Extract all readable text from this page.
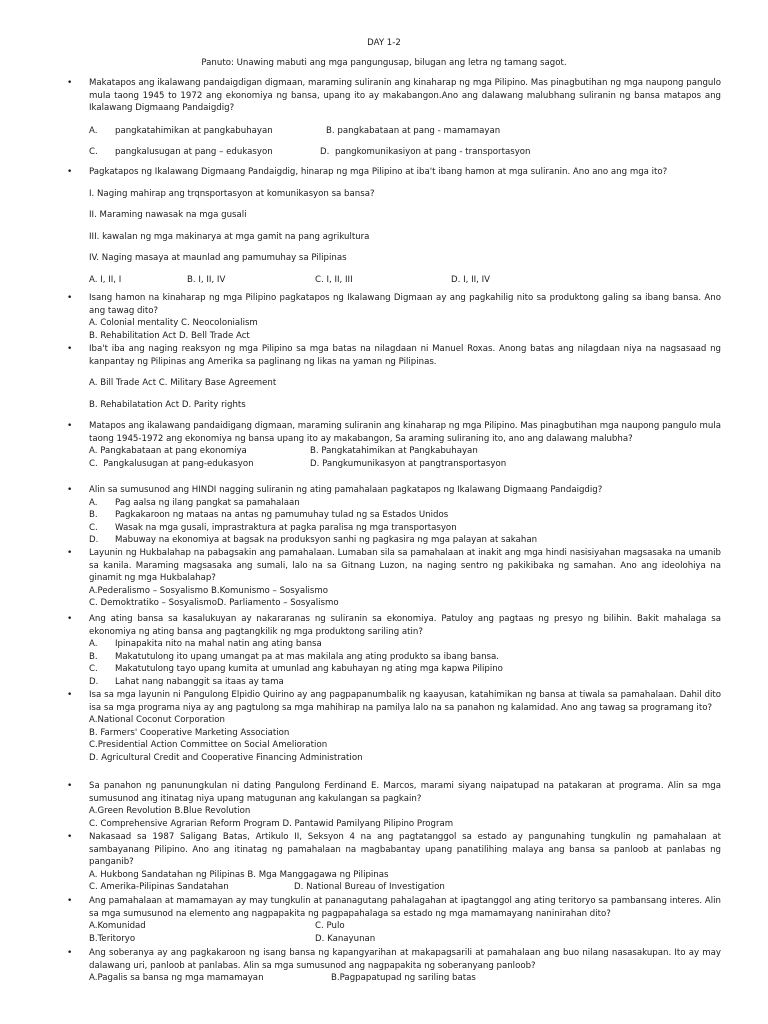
DAY 1-2
Panuto: Unawing mabuti ang mga pangungusap, bilugan ang letra ng tamang sagot.
• Makatapos ang ikalawang pandaigdigan digmaan, maraming suliranin ang kinaharap ng mga Pilipino. Mas pinagbutihan ng mga naupong pangulo mula taong 1945 to 1972 ang ekonomiya ng bansa, upang ito ay makabangon.Ano ang dalawang malubhang suliranin ng bansa matapos ang Ikalawang Digmaang Pandaigdig?
A. pangkatahimikan at pangkabuhayan	B. pangkabataan at pang - mamamayan
C. pangkalusugan at pang – edukasyon	D. pangkomunikasiyon at pang - transportasyon
• Pagkatapos ng Ikalawang Digmaang Pandaigdig, hinarap ng mga Pilipino at iba't ibang hamon at mga suliranin. Ano ano ang mga ito?
I. Naging mahirap ang trqnsportasyon at komunikasyon sa bansa?
II. Maraming nawasak na mga gusali
III. kawalan ng mga makinarya at mga gamit na pang agrikultura
IV. Naging masaya at maunlad ang pamumuhay sa Pilipinas
A. I, II, I	B. I, II, IV	C. I, II, III	D. I, II, IV
• Isang hamon na kinaharap ng mga Pilipino pagkatapos ng Ikalawang Digmaan ay ang pagkahilig nito sa produktong galing sa ibang bansa. Ano ang tawag dito?
A. Colonial mentality C. Neocolonialism
B. Rehabilitation Act D. Bell Trade Act
• Iba't iba ang naging reaksyon ng mga Pilipino sa mga batas na nilagdaan ni Manuel Roxas. Anong batas ang nilagdaan niya na nagsasaad ng kanpantay ng Pilipinas ang Amerika sa paglinang ng likas na yaman ng Pilipinas.
A. Bill Trade Act C. Military Base Agreement
B. Rehabilatation Act D. Parity rights
• Matapos ang ikalawang pandaidigang digmaan, maraming suliranin ang kinaharap ng mga Pilipino. Mas pinagbutihan mga naupong pangulo mula taong 1945-1972 ang ekonomiya ng bansa upang ito ay makabangon, Sa araming suliraning ito, ano ang dalawang malubha?
A. Pangkabataan at pang ekonomiya	B. Pangkatahimikan at Pangkabuhayan
C. Pangkalusugan at pang-edukasyon	D. Pangkumunikasyon at pangtransportasyon
• Alin sa sumusunod ang HINDI nagging suliranin ng ating pamahalaan pagkatapos ng Ikalawang Digmaang Pandaigdig?
A. Pag aalsa ng ilang pangkat sa pamahalaan
B. Pagkakaroon ng mataas na antas ng pamumuhay tulad ng sa Estados Unidos
C. Wasak na mga gusali, imprastraktura at pagka paralisa ng mga transportasyon
D. Mabuway na ekonomiya at bagsak na produksyon sanhi ng pagkasira ng mga palayan at sakahan
• Layunin ng Hukbalahap na pabagsakin ang pamahalaan. Lumaban sila sa pamahalaan at inakit ang mga hindi nasisiyahan magsasaka na umanib sa kanila. Maraming magsasaka ang sumali, lalo na sa Gitnang Luzon, na naging sentro ng pakikibaka ng samahan. Ano ang ideolohiya na ginamit ng mga Hukbalahap?
A.Pederalismo – Sosyalismo B.Komunismo – Sosyalismo
C. Demoktratiko – SosyalismoD. Parliamento – Sosyalismo
• Ang ating bansa sa kasalukuyan ay nakararanas ng suliranin sa ekonomiya. Patuloy ang pagtaas ng presyo ng bilihin. Bakit mahalaga sa ekonomiya ng ating bansa ang pagtangkilik ng mga produktong sariling atin?
A. Ipinapakita nito na mahal natin ang ating bansa
B. Makatutulong ito upang umangat pa at mas makilala ang ating produkto sa ibang bansa.
C. Makatutulong tayo upang kumita at umunlad ang kabuhayan ng ating mga kapwa Pilipino
D. Lahat nang nabanggit sa itaas ay tama
• Isa sa mga layunin ni Pangulong Elpidio Quirino ay ang pagpapanumbalik ng kaayusan, katahimikan ng bansa at tiwala sa pamahalaan. Dahil dito isa sa mga programa niya ay ang pagtulong sa mga mahihirap na pamilya lalo na sa panahon ng kalamidad. Ano ang tawag sa programang ito?
A.National Coconut Corporation
B. Farmers' Cooperative Marketing Association
C.Presidential Action Committee on Social Amelioration
D. Agricultural Credit and Cooperative Financing Administration
• Sa panahon ng panunungkulan ni dating Pangulong Ferdinand E. Marcos, marami siyang naipatupad na patakaran at programa. Alin sa mga sumusunod ang itinatag niya upang matugunan ang kakulangan sa pagkain?
A.Green Revolution B.Blue Revolution
C. Comprehensive Agrarian Reform Program D. Pantawid Pamilyang Pilipino Program
• Nakasaad sa 1987 Saligang Batas, Artikulo II, Seksyon 4 na ang pagtatanggol sa estado ay pangunahing tungkulin ng pamahalaan at sambayanang Pilipino. Ano ang itinatag ng pamahalaan na magbabantay upang panatilihing malaya ang bansa sa panloob at panlabas ng panganib?
A. Hukbong Sandatahan ng Pilipinas B. Mga Manggagawa ng Pilipinas
C. Amerika-Pilipinas Sandatahan	D. National Bureau of Investigation
• Ang pamahalaan at mamamayan ay may tungkulin at pananagutang pahalagahan at ipagtanggol ang ating teritoryo sa pambansang interes. Alin sa mga sumusunod na elemento ang nagpapakita ng pagpapahalaga sa estado ng mga mamamayang naninirahan dito?
A.Komunidad	C. Pulo
B.Teritoryo	D. Kanayunan
• Ang soberanya ay ang pagkakaroon ng isang bansa ng kapangyarihan at makapagsarili at pamahalaan ang buo nilang nasasakupan. Ito ay may dalawang uri, panloob at panlabas. Alin sa mga sumusunod ang nagpapakita ng soberanyang panloob?
A.Pagalis sa bansa ng mga mamamayan	B.Pagpapatupad ng sariling batas
